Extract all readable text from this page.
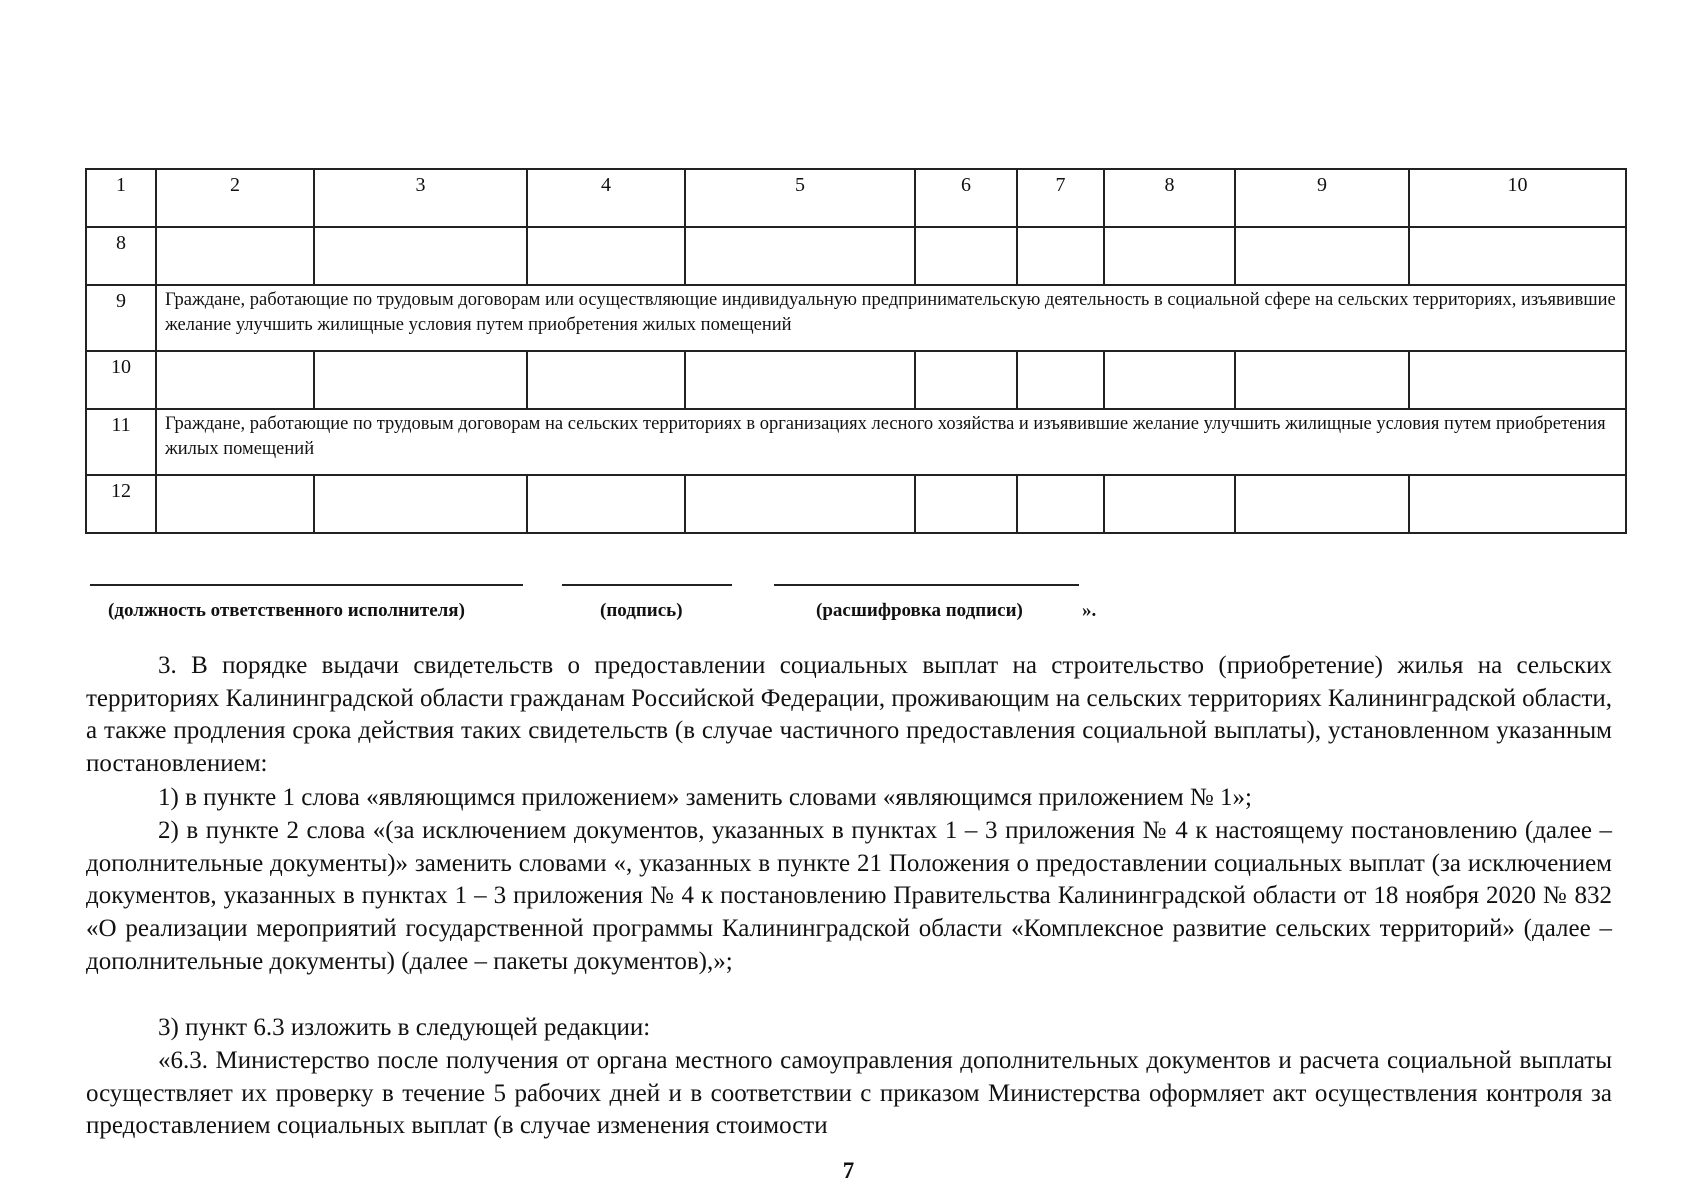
1	2	3	4	5	6	7	8	9	10
8									
9	Граждане, работающие по трудовым договорам или осуществляющие индивидуальную предпринимательскую деятельность в социальной сфере на сельских территориях, изъявившие желание улучшить жилищные условия путем приобретения жилых помещений								
10									
11	Граждане, работающие по трудовым договорам на сельских территориях в организациях лесного хозяйства и изъявившие желание улучшить жилищные условия путем приобретения жилых помещений								
12									
(должность ответственного исполнителя)	(подпись)	(расшифровка подписи)	».
3. В порядке выдачи свидетельств о предоставлении социальных выплат на строительство (приобретение) жилья на сельских территориях Калининградской области гражданам Российской Федерации, проживающим на сельских территориях Калининградской области, а также продления срока действия таких свидетельств (в случае частичного предоставления социальной выплаты), установленном указанным постановлением:
1) в пункте 1 слова «являющимся приложением» заменить словами «являющимся приложением № 1»;
2) в пункте 2 слова «(за исключением документов, указанных в пунктах 1 – 3 приложения № 4 к настоящему постановлению (далее – дополнительные документы)» заменить словами «, указанных в пункте 21 Положения о предоставлении социальных выплат (за исключением документов, указанных в пунктах 1 – 3 приложения № 4 к постановлению Правительства Калининградской области от 18 ноября 2020 № 832 «О реализации мероприятий государственной программы Калининградской области «Комплексное развитие сельских территорий» (далее – дополнительные документы) (далее – пакеты документов),»;
3) пункт 6.3 изложить в следующей редакции:
«6.3. Министерство после получения от органа местного самоуправления дополнительных документов и расчета социальной выплаты осуществляет их проверку в течение 5 рабочих дней и в соответствии с приказом Министерства оформляет акт осуществления контроля за предоставлением социальных выплат (в случае изменения стоимости
7
